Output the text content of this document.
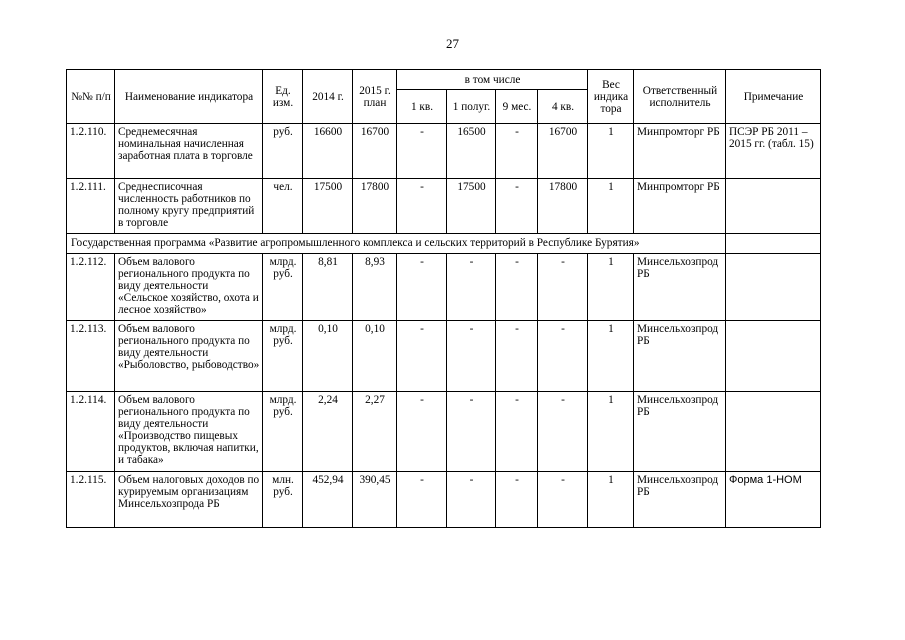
27
№№ п/п	Наименование индикатора	Ед. изм.	2014 г.	2015 г. план	в том числе				Вес индика тора	Ответственный исполнитель	Примечание
					1 кв.	1 полуг.	9 мес.	4 кв.			
1.2.110.	Среднемесячная номинальная начисленная заработная плата в торговле	руб.	16600	16700	-	16500	-	16700	1	Минпромторг РБ	ПСЭР РБ 2011 – 2015 гг. (табл. 15)
1.2.111.	Среднесписочная численность работников по полному кругу предприятий в торговле	чел.	17500	17800	-	17500	-	17800	1	Минпромторг РБ	
Государственная программа «Развитие агропромышленного комплекса и сельских территорий в Республике Бурятия»											
1.2.112.	Объем валового регионального продукта по виду деятельности «Сельское хозяйство, охота и лесное хозяйство»	млрд. руб.	8,81	8,93	-	-	-	-	1	Минсельхозпрод РБ	
1.2.113.	Объем валового регионального продукта по виду деятельности «Рыболовство, рыбоводство»	млрд. руб.	0,10	0,10	-	-	-	-	1	Минсельхозпрод РБ	
1.2.114.	Объем валового регионального продукта по виду деятельности «Производство пищевых продуктов, включая напитки, и табака»	млрд. руб.	2,24	2,27	-	-	-	-	1	Минсельхозпрод РБ	
1.2.115.	Объем налоговых доходов по курируемым организациям Минсельхозпрода РБ	млн. руб.	452,94	390,45	-	-	-	-	1	Минсельхозпрод РБ	Форма 1-НОМ
